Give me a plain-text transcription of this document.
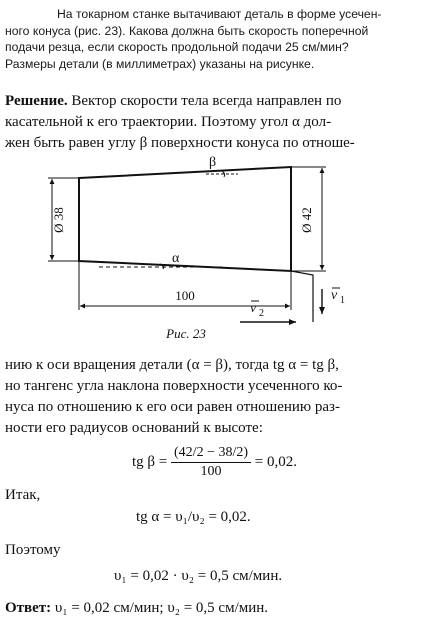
На токарном станке вытачивают деталь в форме усечен-
ного конуса (рис. 23). Какова должна быть скорость поперечной
подачи резца, если скорость продольной подачи 25 см/мин?
Размеры детали (в миллиметрах) указаны на рисунке.
Решение. Вектор скорости тела всегда направлен по
касательной к его траектории. Поэтому угол α дол-
жен быть равен углу β поверхности конуса по отноше-
Ø 38	Ø 42
100
β
α
v 2
v 1
Рис. 23
нию к оси вращения детали (α = β), тогда tg α = tg β,
но тангенс угла наклона поверхности усеченного ко-
нуса по отношению к его оси равен отношению раз-
ности его радиусов оснований к высоте:
tg $\beta = \frac{(42/2 - 38/2)}{100} = 0,02$.
Итак,
tg α = υ₁/υ₂ = 0,02.
Поэтому
υ₁ = 0,02 · υ₂ = 0,5 см/мин.
Ответ: υ₁ = 0,02 см/мин; υ₂ = 0,5 см/мин.
